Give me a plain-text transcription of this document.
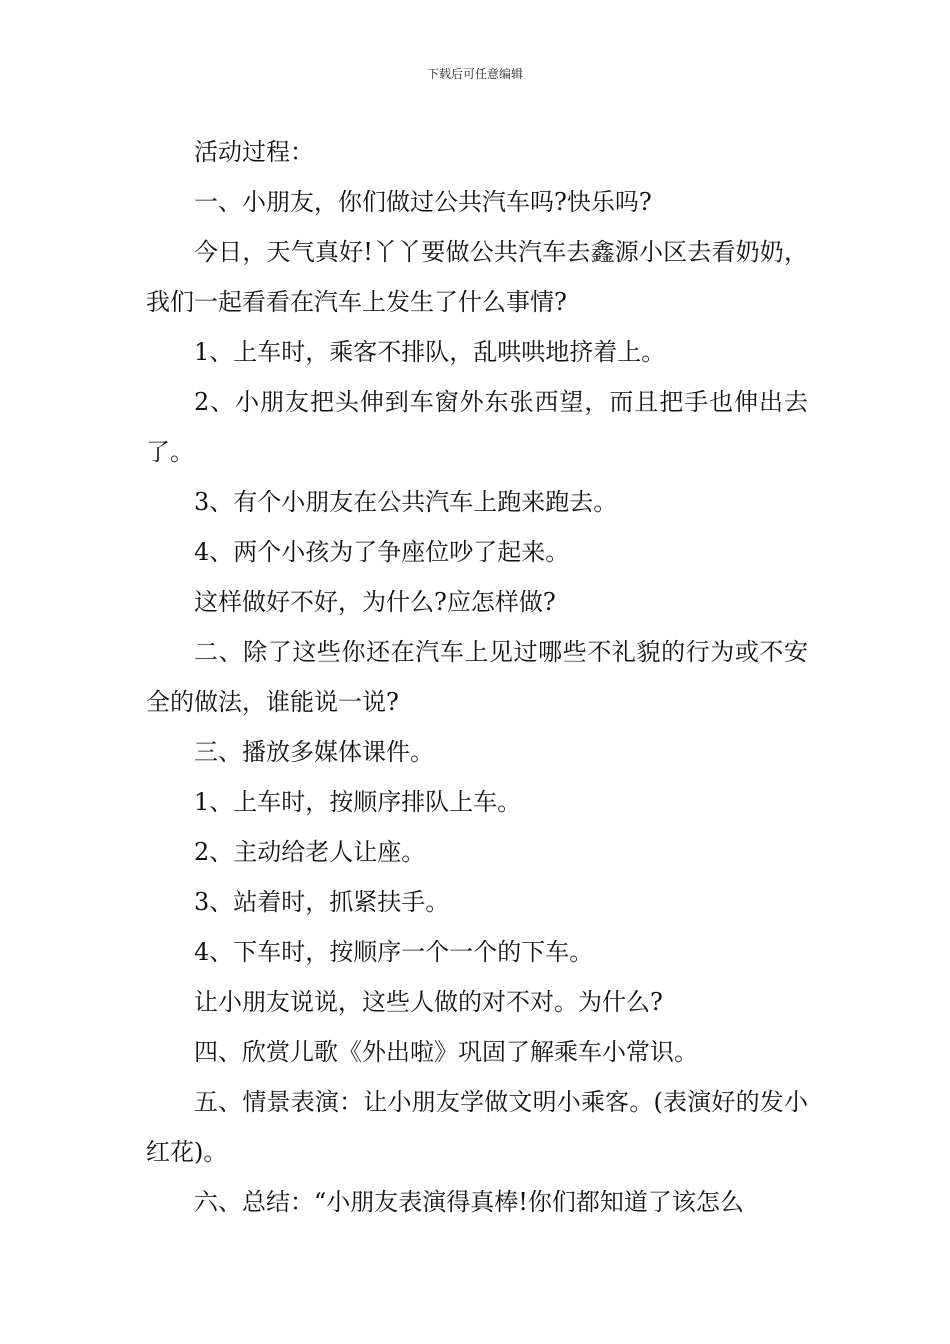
下载后可任意编辑

活动过程：

一、小朋友，你们做过公共汽车吗?快乐吗?

今日，天气真好!丫丫要做公共汽车去鑫源小区去看奶奶，我们一起看看在汽车上发生了什么事情?

1、上车时，乘客不排队，乱哄哄地挤着上。

2、小朋友把头伸到车窗外东张西望，而且把手也伸出去了。

3、有个小朋友在公共汽车上跑来跑去。

4、两个小孩为了争座位吵了起来。

这样做好不好，为什么?应怎样做?

二、除了这些你还在汽车上见过哪些不礼貌的行为或不安全的做法，谁能说一说?

三、播放多媒体课件。

1、上车时，按顺序排队上车。

2、主动给老人让座。

3、站着时，抓紧扶手。

4、下车时，按顺序一个一个的下车。

让小朋友说说，这些人做的对不对。为什么?

四、欣赏儿歌《外出啦》巩固了解乘车小常识。

五、情景表演：让小朋友学做文明小乘客。(表演好的发小红花)。

六、总结：“小朋友表演得真棒!你们都知道了该怎么
